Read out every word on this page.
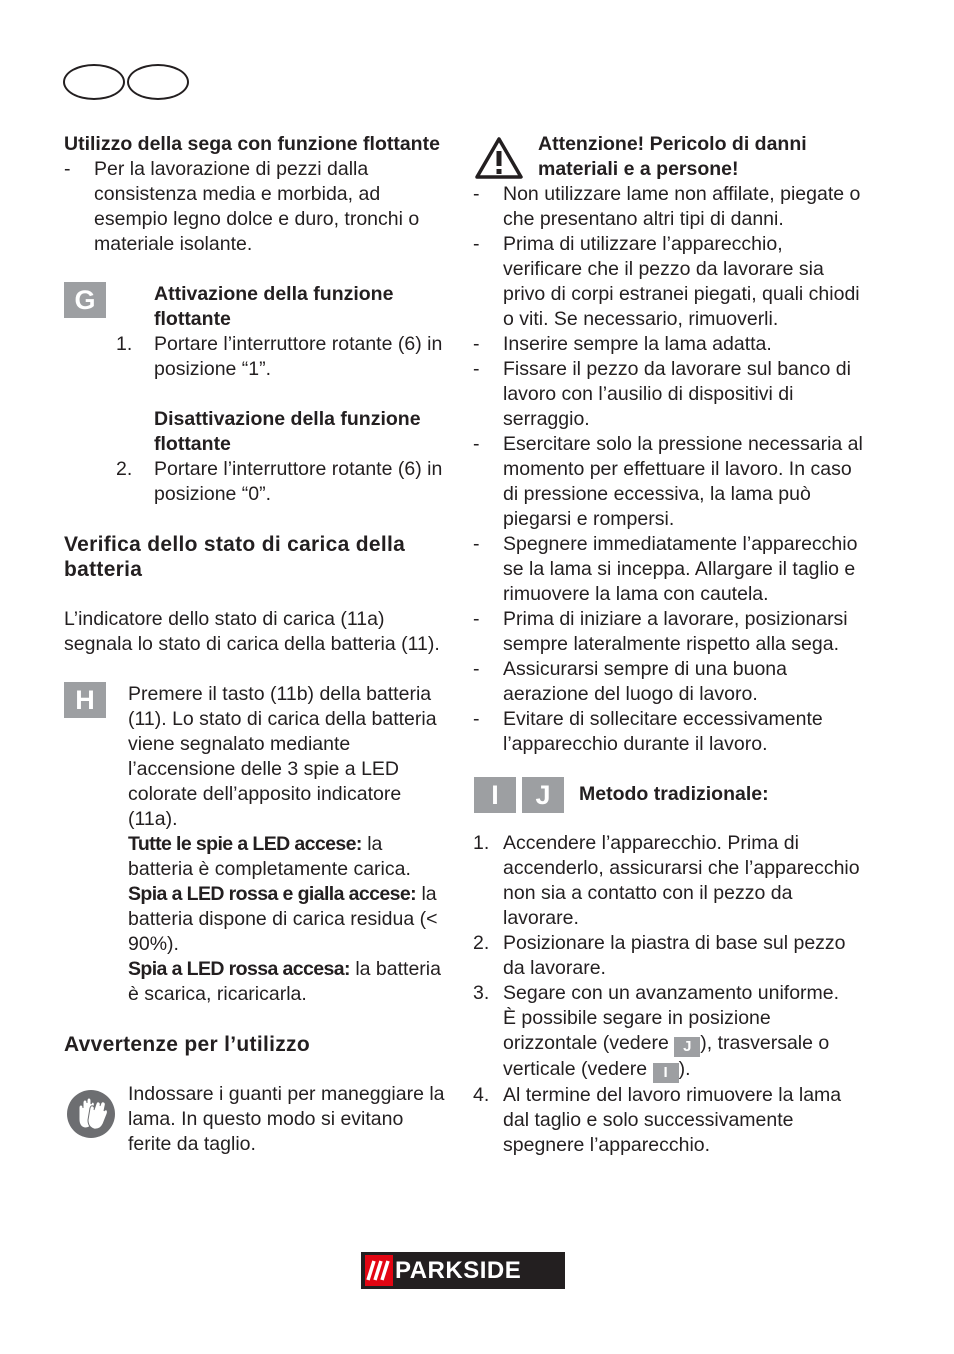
Utilizzo della sega con funzione flottante
- Per la lavorazione di pezzi dalla consistenza media e morbida, ad esempio legno dolce e duro, tronchi o materiale isolante.
G	Attivazione della funzione flottante
1. Portare l’interruttore rotante (6) in posizione “1”.
Disattivazione della funzione flottante
2. Portare l’interruttore rotante (6) in posizione “0”.
Verifica dello stato di carica della batteria

L’indicatore dello stato di carica (11a) segnala lo stato di carica della batteria (11).

H	Premere il tasto (11b) della batteria (11). Lo stato di carica della batteria viene segnalato mediante l’accensione delle 3 spie a LED colorate dell’apposito indicatore (11a).

Tutte le spie a LED accese: la batteria è completamente carica.

Spia a LED rossa e gialla accese: la batteria dispone di carica residua (< 90%).

Spia a LED rossa accesa: la batteria è scarica, ricaricarla.

Avvertenze per l’utilizzo

Indossare i guanti per maneggiare la lama. In questo modo si evitano ferite da taglio.

Attenzione! Pericolo di danni materiali e a persone!
- Non utilizzare lame non affilate, piegate o che presentano altri tipi di danni.
- Prima di utilizzare l’apparecchio, verificare che il pezzo da lavorare sia privo di corpi estranei piegati, quali chiodi o viti. Se necessario, rimuoverli.
- Inserire sempre la lama adatta.
- Fissare il pezzo da lavorare sul banco di lavoro con l’ausilio di dispositivi di serraggio.
- Esercitare solo la pressione necessaria al momento per effettuare il lavoro. In caso di pressione eccessiva, la lama può piegarsi e rompersi.
- Spegnere immediatamente l’apparecchio se la lama si inceppa. Allargare il taglio e rimuovere la lama con cautela.
- Prima di iniziare a lavorare, posizionarsi sempre lateralmente rispetto alla sega.
- Assicurarsi sempre di una buona aerazione del luogo di lavoro.
- Evitare di sollecitare eccessivamente l’apparecchio durante il lavoro.
I	J	Metodo tradizionale:
1. Accendere l’apparecchio. Prima di accenderlo, assicurarsi che l’apparecchio non sia a contatto con il pezzo da lavorare.
2. Posizionare la piastra di base sul pezzo da lavorare.
3. Segare con un avanzamento uniforme.
È possibile segare in posizione orizzontale (vedere J ), trasversale o verticale (vedere I ).
4. Al termine del lavoro rimuovere la lama dal taglio e solo successivamente spegnere l’apparecchio.
PARKSIDE
